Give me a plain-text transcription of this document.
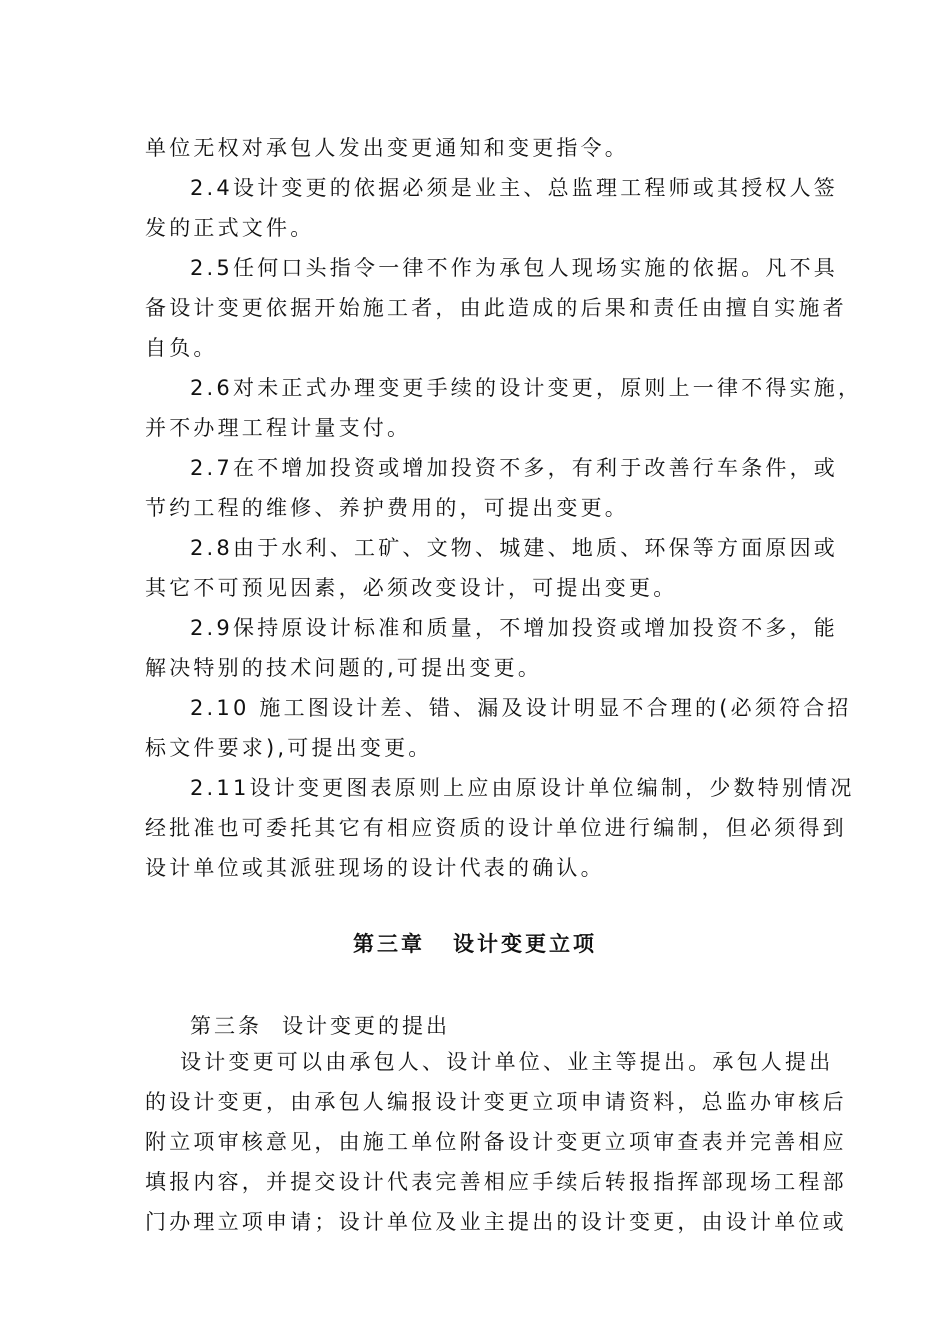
单位无权对承包人发出变更通知和变更指令。
2.4设计变更的依据必须是业主、总监理工程师或其授权人签
发的正式文件。
2.5任何口头指令一律不作为承包人现场实施的依据。凡不具
备设计变更依据开始施工者，由此造成的后果和责任由擅自实施者
自负。
2.6对未正式办理变更手续的设计变更，原则上一律不得实施，
并不办理工程计量支付。
2.7在不增加投资或增加投资不多，有利于改善行车条件，或
节约工程的维修、养护费用的，可提出变更。
2.8由于水利、工矿、文物、城建、地质、环保等方面原因或
其它不可预见因素，必须改变设计，可提出变更。
2.9保持原设计标准和质量，不增加投资或增加投资不多，能
解决特别的技术问题的,可提出变更。
2.10 施工图设计差、错、漏及设计明显不合理的(必须符合招
标文件要求),可提出变更。
2.11设计变更图表原则上应由原设计单位编制，少数特别情况
经批准也可委托其它有相应资质的设计单位进行编制，但必须得到
设计单位或其派驻现场的设计代表的确认。
第三章 设计变更立项
第三条 设计变更的提出
设计变更可以由承包人、设计单位、业主等提出。承包人提出
的设计变更，由承包人编报设计变更立项申请资料，总监办审核后
附立项审核意见，由施工单位附备设计变更立项审查表并完善相应
填报内容，并提交设计代表完善相应手续后转报指挥部现场工程部
门办理立项申请；设计单位及业主提出的设计变更，由设计单位或
